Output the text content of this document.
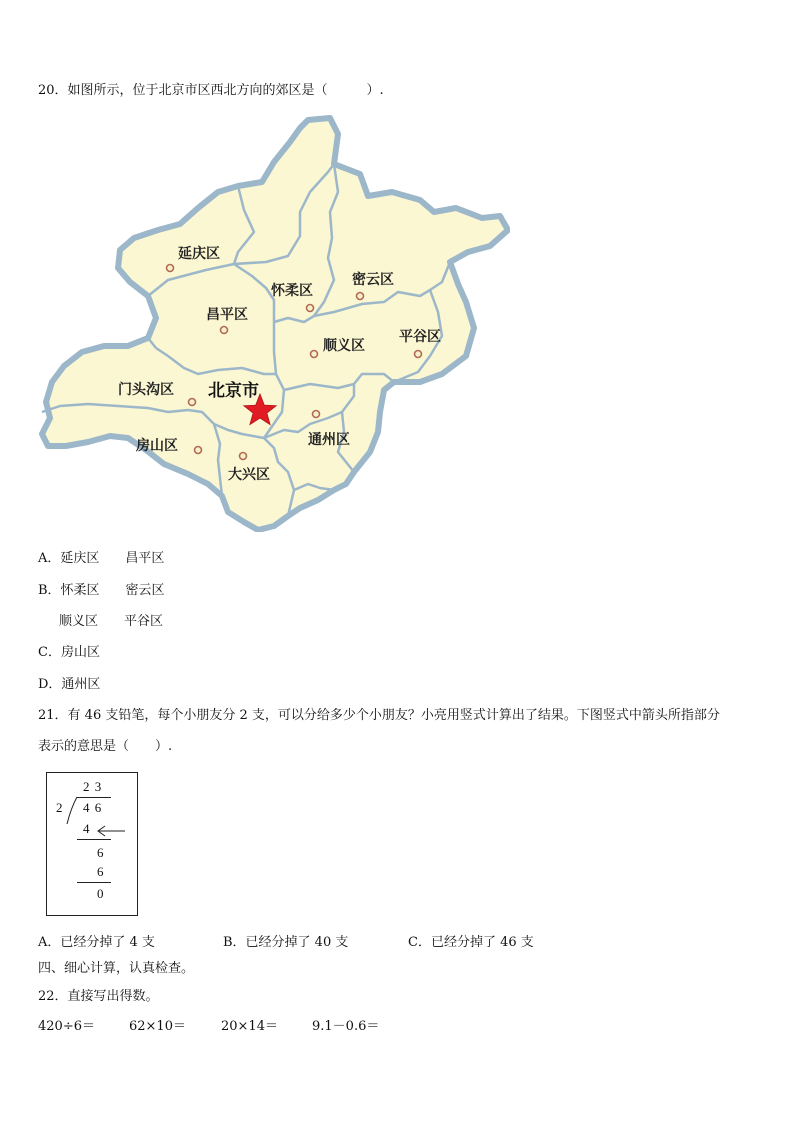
20．如图所示，位于北京市区西北方向的郊区是（　　　）.
延庆区
怀柔区
密云区
昌平区
顺义区
平谷区
门头沟区 北京市
房山区	通州区
大兴区
A．延庆区　　昌平区
B．怀柔区　　密云区
　顺义区　　平谷区
C．房山区
D．通州区
21．有 46 支铅笔，每个小朋友分 2 支，可以分给多少个小朋友？小亮用竖式计算出了结果。下图竖式中箭头所指部分
表示的意思是（　　）.
2 3
2 4 6
4
6
6
0
A．已经分掉了 4 支	B．已经分掉了 40 支	C．已经分掉了 46 支
四、细心计算，认真检查。
22．直接写出得数。
420÷6＝	62×10＝	20×14＝	9.1－0.6＝
